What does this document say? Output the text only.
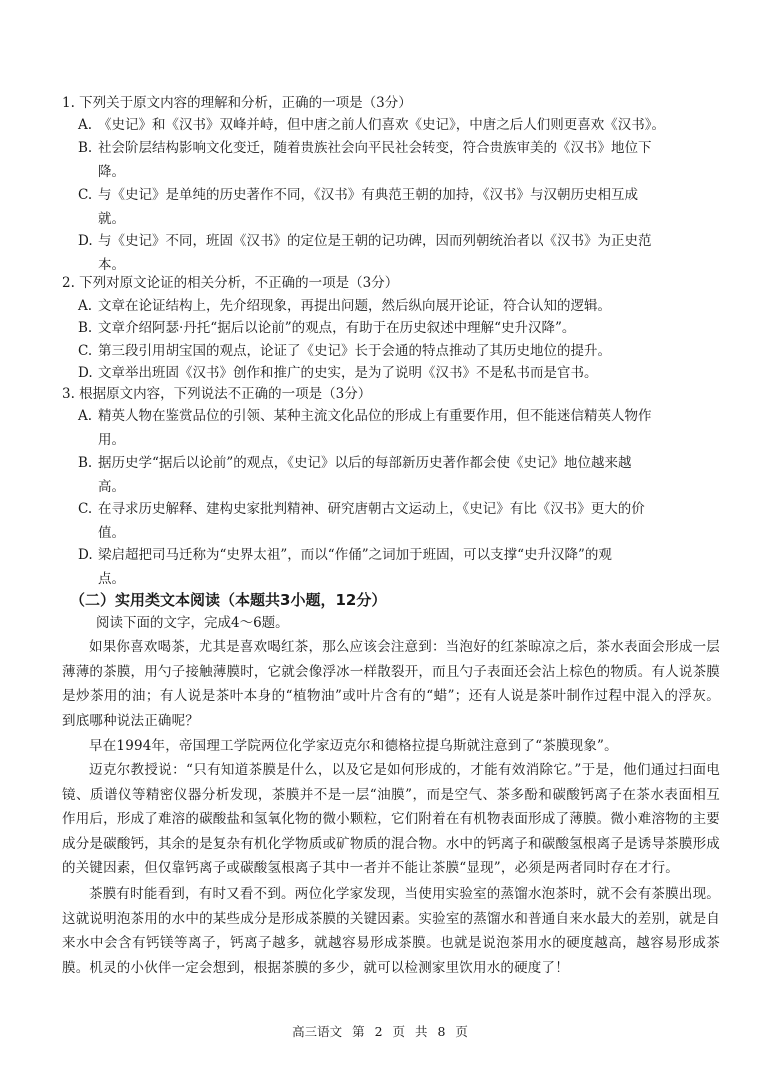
1. 下列关于原文内容的理解和分析，正确的一项是（3分）
A. 《史记》和《汉书》双峰并峙，但中唐之前人们喜欢《史记》，中唐之后人们则更喜欢《汉书》。
B. 社会阶层结构影响文化变迁，随着贵族社会向平民社会转变，符合贵族审美的《汉书》地位下
降。
C. 与《史记》是单纯的历史著作不同，《汉书》有典范王朝的加持，《汉书》与汉朝历史相互成
就。
D. 与《史记》不同，班固《汉书》的定位是王朝的记功碑，因而列朝统治者以《汉书》为正史范
本。
2. 下列对原文论证的相关分析，不正确的一项是（3分）
A. 文章在论证结构上，先介绍现象，再提出问题，然后纵向展开论证，符合认知的逻辑。
B. 文章介绍阿瑟·丹托“据后以论前”的观点，有助于在历史叙述中理解“史升汉降”。
C. 第三段引用胡宝国的观点，论证了《史记》长于会通的特点推动了其历史地位的提升。
D. 文章举出班固《汉书》创作和推广的史实，是为了说明《汉书》不是私书而是官书。
3. 根据原文内容，下列说法不正确的一项是（3分）
A. 精英人物在鉴赏品位的引领、某种主流文化品位的形成上有重要作用，但不能迷信精英人物作
用。
B. 据历史学“据后以论前”的观点，《史记》以后的每部新历史著作都会使《史记》地位越来越
高。
C. 在寻求历史解释、建构史家批判精神、研究唐朝古文运动上，《史记》有比《汉书》更大的价
值。
D. 梁启超把司马迁称为“史界太祖”，而以“作俑”之词加于班固，可以支撑“史升汉降”的观
点。
（二）实用类文本阅读（本题共3小题，12分）
阅读下面的文字，完成4～6题。
如果你喜欢喝茶，尤其是喜欢喝红茶，那么应该会注意到：当泡好的红茶晾凉之后，茶水表面会形成一层薄薄的茶膜，用勺子接触薄膜时，它就会像浮冰一样散裂开，而且勺子表面还会沾上棕色的物质。有人说茶膜是炒茶用的油；有人说是茶叶本身的“植物油”或叶片含有的“蜡”；还有人说是茶叶制作过程中混入的浮灰。到底哪种说法正确呢？
早在1994年，帝国理工学院两位化学家迈克尔和德格拉提乌斯就注意到了“茶膜现象”。
迈克尔教授说：“只有知道茶膜是什么，以及它是如何形成的，才能有效消除它。”于是，他们通过扫面电镜、质谱仪等精密仪器分析发现，茶膜并不是一层“油膜”，而是空气、茶多酚和碳酸钙离子在茶水表面相互作用后，形成了难溶的碳酸盐和氢氧化物的微小颗粒，它们附着在有机物表面形成了薄膜。微小难溶物的主要成分是碳酸钙，其余的是复杂有机化学物质或矿物质的混合物。水中的钙离子和碳酸氢根离子是诱导茶膜形成的关键因素，但仅靠钙离子或碳酸氢根离子其中一者并不能让茶膜“显现”，必须是两者同时存在才行。
茶膜有时能看到，有时又看不到。两位化学家发现，当使用实验室的蒸馏水泡茶时，就不会有茶膜出现。这就说明泡茶用的水中的某些成分是形成茶膜的关键因素。实验室的蒸馏水和普通自来水最大的差别，就是自来水中会含有钙镁等离子，钙离子越多，就越容易形成茶膜。也就是说泡茶用水的硬度越高，越容易形成茶膜。机灵的小伙伴一定会想到，根据茶膜的多少，就可以检测家里饮用水的硬度了！
高三语文 第 2 页 共 8 页
